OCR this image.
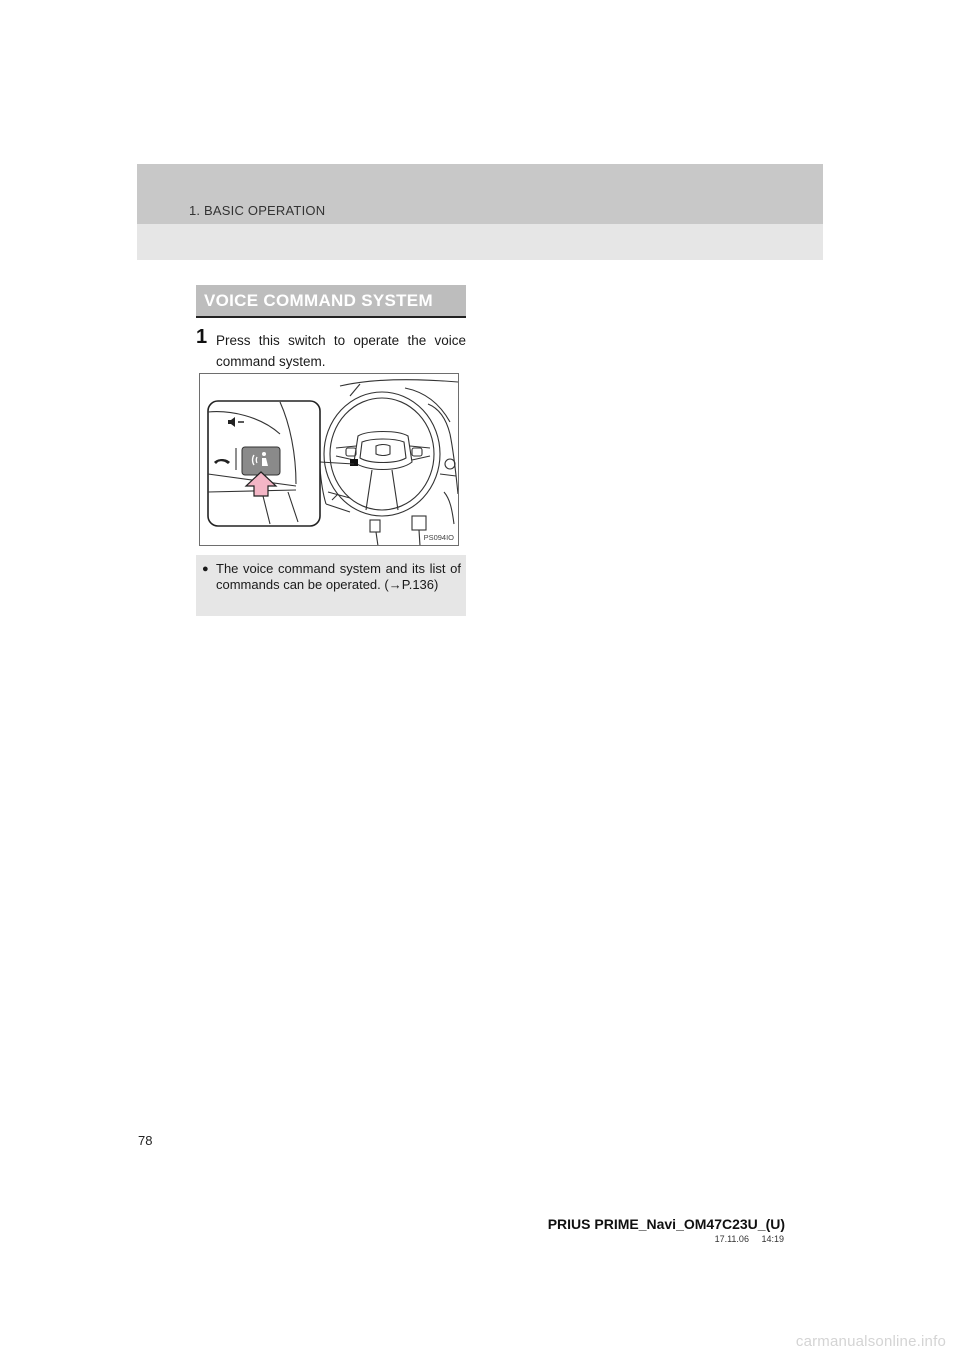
1. BASIC OPERATION
VOICE COMMAND SYSTEM
1 Press this switch to operate the voice command system.
PS094IO
● The voice command system and its list of commands can be operated. (→P.136)
78
PRIUS PRIME_Navi_OM47C23U_(U)
17.11.06 14:19
carmanualsonline.info
